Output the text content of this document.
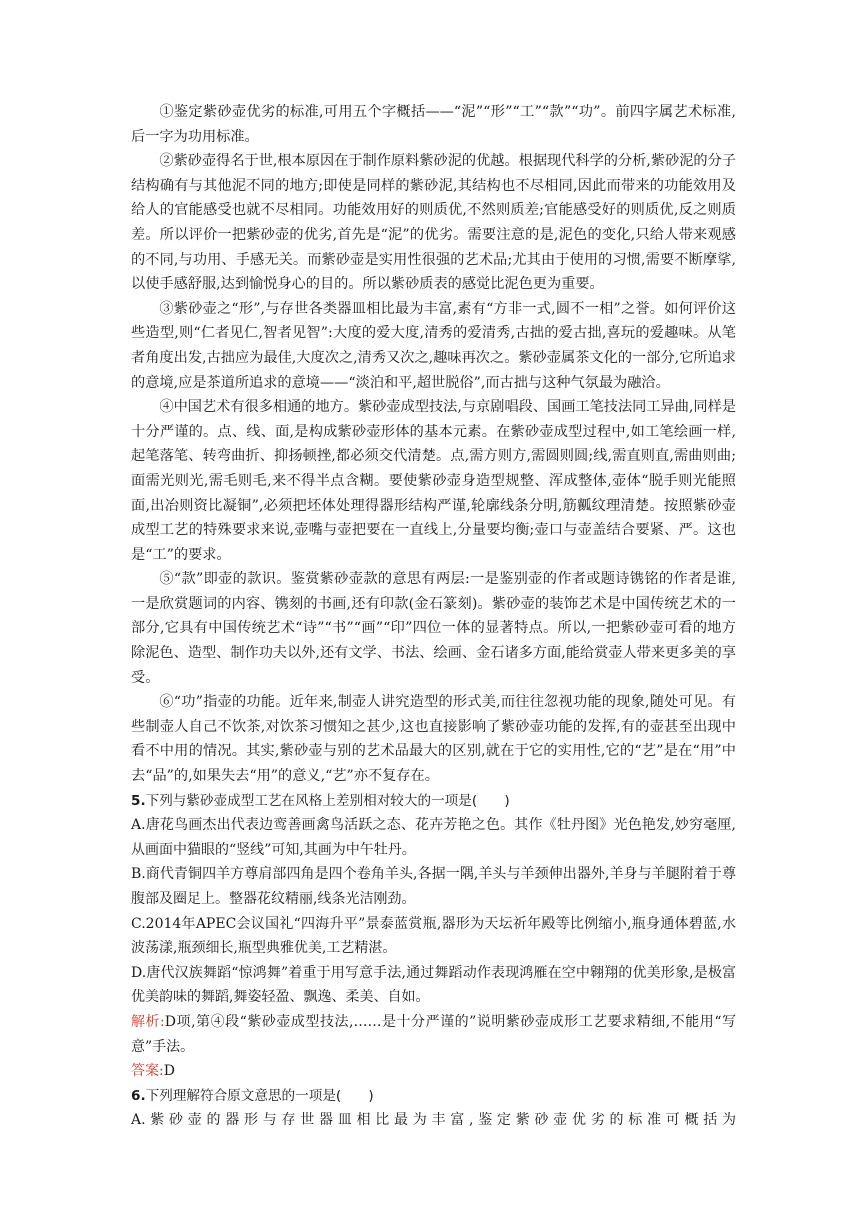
①鉴定紫砂壶优劣的标准,可用五个字概括——“泥”“形”“工”“款”“功”。前四字属艺术标准,后一字为功用标准。

②紫砂壶得名于世,根本原因在于制作原料紫砂泥的优越。根据现代科学的分析,紫砂泥的分子结构确有与其他泥不同的地方;即使是同样的紫砂泥,其结构也不尽相同,因此而带来的功能效用及给人的官能感受也就不尽相同。功能效用好的则质优,不然则质差;官能感受好的则质优,反之则质差。所以评价一把紫砂壶的优劣,首先是“泥”的优劣。需要注意的是,泥色的变化,只给人带来观感的不同,与功用、手感无关。而紫砂壶是实用性很强的艺术品;尤其由于使用的习惯,需要不断摩挲,以使手感舒服,达到愉悦身心的目的。所以紫砂质表的感觉比泥色更为重要。

③紫砂壶之“形”,与存世各类器皿相比最为丰富,素有“方非一式,圆不一相”之誉。如何评价这些造型,则“仁者见仁,智者见智”:大度的爱大度,清秀的爱清秀,古拙的爱古拙,喜玩的爱趣味。从笔者角度出发,古拙应为最佳,大度次之,清秀又次之,趣味再次之。紫砂壶属茶文化的一部分,它所追求的意境,应是茶道所追求的意境——“淡泊和平,超世脱俗”,而古拙与这种气氛最为融洽。

④中国艺术有很多相通的地方。紫砂壶成型技法,与京剧唱段、国画工笔技法同工异曲,同样是十分严谨的。点、线、面,是构成紫砂壶形体的基本元素。在紫砂壶成型过程中,如工笔绘画一样,起笔落笔、转弯曲折、抑扬顿挫,都必须交代清楚。点,需方则方,需圆则圆;线,需直则直,需曲则曲;面需光则光,需毛则毛,来不得半点含糊。要使紫砂壶身造型规整、浑成整体,壶体“脱手则光能照面,出冶则资比凝铜”,必须把坯体处理得器形结构严谨,轮廓线条分明,筋瓤纹理清楚。按照紫砂壶成型工艺的特殊要求来说,壶嘴与壶把要在一直线上,分量要均衡;壶口与壶盖结合要紧、严。这也是“工”的要求。

⑤“款”即壶的款识。鉴赏紫砂壶款的意思有两层:一是鉴别壶的作者或题诗镌铭的作者是谁,一是欣赏题词的内容、镌刻的书画,还有印款(金石篆刻)。紫砂壶的装饰艺术是中国传统艺术的一部分,它具有中国传统艺术“诗”“书”“画”“印”四位一体的显著特点。所以,一把紫砂壶可看的地方除泥色、造型、制作功夫以外,还有文学、书法、绘画、金石诸多方面,能给赏壶人带来更多美的享受。

⑥“功”指壶的功能。近年来,制壶人讲究造型的形式美,而往往忽视功能的现象,随处可见。有些制壶人自己不饮茶,对饮茶习惯知之甚少,这也直接影响了紫砂壶功能的发挥,有的壶甚至出现中看不中用的情况。其实,紫砂壶与别的艺术品最大的区别,就在于它的实用性,它的“艺”是在“用”中去“品”的,如果失去“用”的意义,“艺”亦不复存在。

5.下列与紫砂壶成型工艺在风格上差别相对较大的一项是(　　)

A.唐花鸟画杰出代表边鸾善画禽鸟活跃之态、花卉芳艳之色。其作《牡丹图》光色艳发,妙穷毫厘,从画面中猫眼的“竖线”可知,其画为中午牡丹。

B.商代青铜四羊方尊肩部四角是四个卷角羊头,各据一隅,羊头与羊颈伸出器外,羊身与羊腿附着于尊腹部及圈足上。整器花纹精丽,线条光洁刚劲。

C.2014年APEC会议国礼“四海升平”景泰蓝赏瓶,器形为天坛祈年殿等比例缩小,瓶身通体碧蓝,水波荡漾,瓶颈细长,瓶型典雅优美,工艺精湛。

D.唐代汉族舞蹈“惊鸿舞”着重于用写意手法,通过舞蹈动作表现鸿雁在空中翱翔的优美形象,是极富优美韵味的舞蹈,舞姿轻盈、飘逸、柔美、自如。

解析:D项,第④段“紫砂壶成型技法,……是十分严谨的”说明紫砂壶成形工艺要求精细,不能用“写意”手法。

答案:D

6.下列理解符合原文意思的一项是(　　)

A.紫砂壶的器形与存世器皿相比最为丰富,鉴定紫砂壶优劣的标准可概括为
